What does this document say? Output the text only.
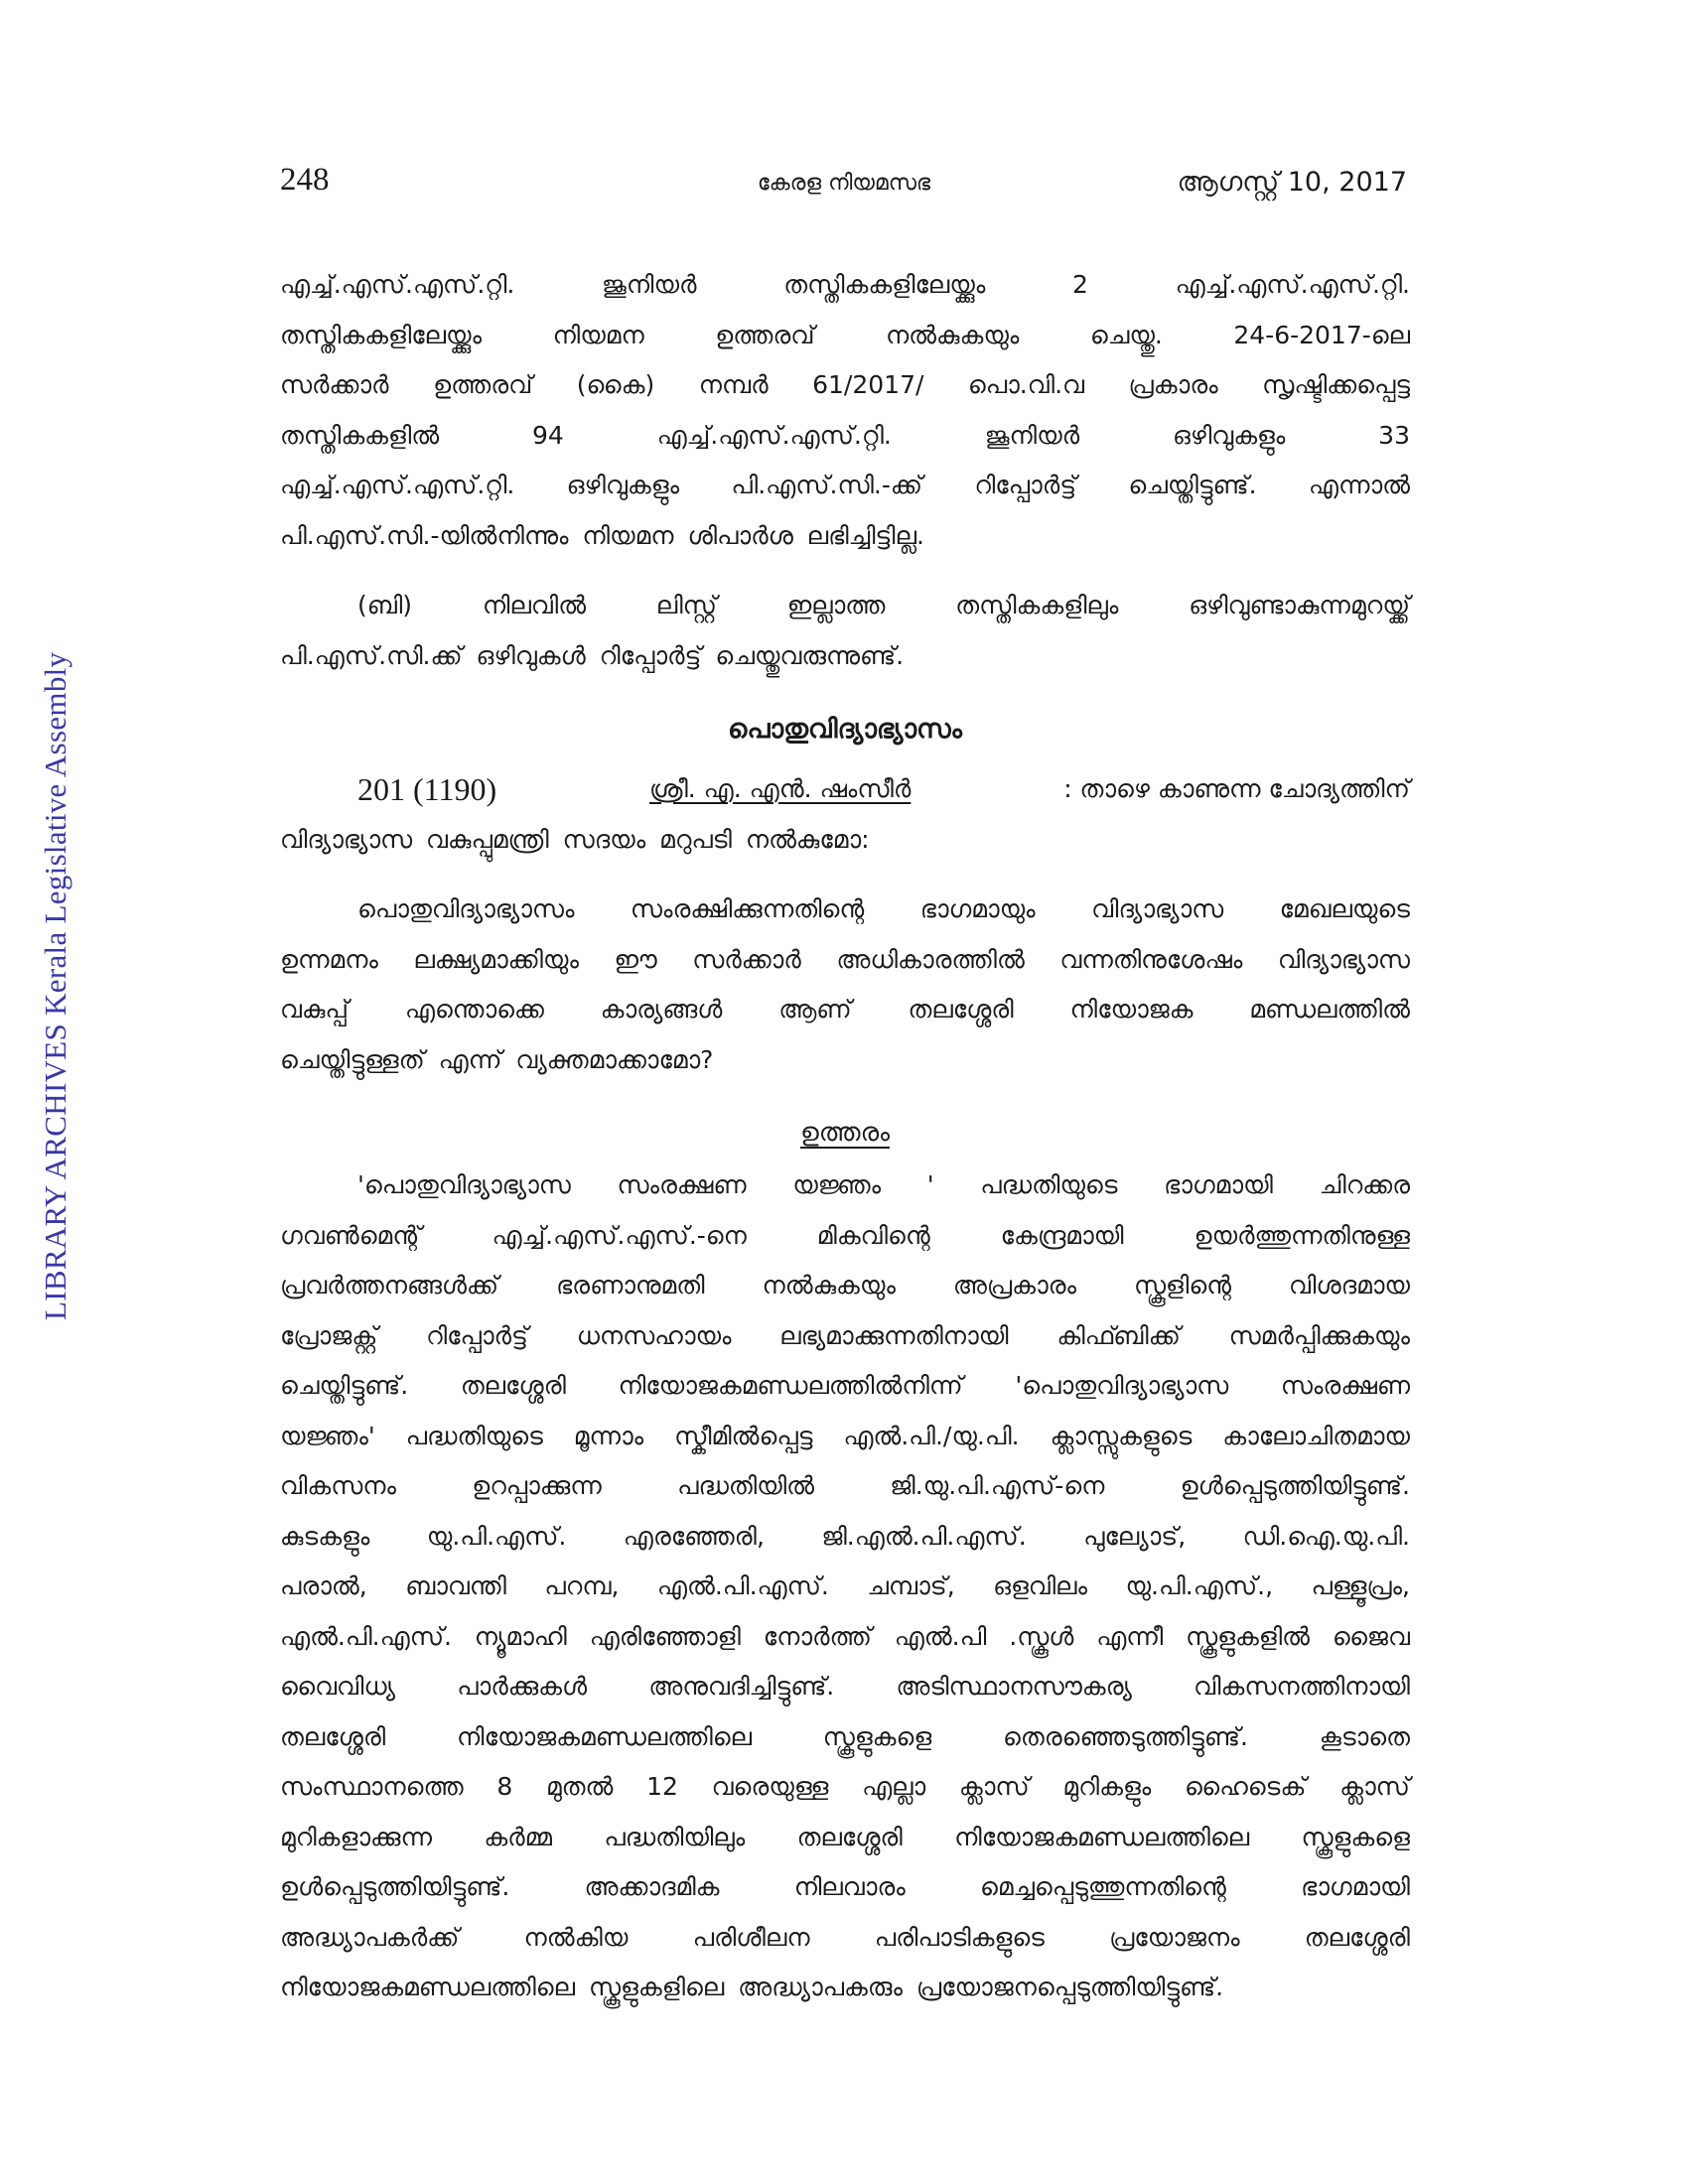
LIBRARY ARCHIVES Kerala Legislative Assembly
248	കേരള നിയമസഭ	ആഗസ്റ്റ് 10, 2017
എച്ച്.എസ്.എസ്.റ്റി.	ജൂനിയർ	തസ്തികകളിലേയ്ക്കും	2	എച്ച്.എസ്.എസ്.റ്റി.
തസ്തികകളിലേയ്ക്കും	നിയമന	ഉത്തരവ്	നൽകുകയും	ചെയ്തു.	24-6-2017-ലെ
സർക്കാർ ഉത്തരവ് (കൈ) നമ്പർ 61/2017/ പൊ.വി.വ പ്രകാരം സൃഷ്ടിക്കപ്പെട്ട
തസ്തികകളിൽ	94	എച്ച്.എസ്.എസ്.റ്റി.	ജൂനിയർ	ഒഴിവുകളും	33
എച്ച്.എസ്.എസ്.റ്റി. ഒഴിവുകളും പി.എസ്.സി.-ക്ക് റിപ്പോർട്ട് ചെയ്തിട്ടുണ്ട്. എന്നാൽ
പി.എസ്.സി.-യിൽനിന്നും നിയമന ശിപാർശ ലഭിച്ചിട്ടില്ല.
(ബി)	നിലവിൽ	ലിസ്റ്റ്	ഇല്ലാത്ത	തസ്തികകളിലും	ഒഴിവുണ്ടാകുന്നമുറയ്ക്ക്
പി.എസ്.സി.ക്ക് ഒഴിവുകൾ റിപ്പോർട്ട് ചെയ്തുവരുന്നുണ്ട്.
പൊതുവിദ്യാഭ്യാസം
201 (1190)	ശ്രീ. എ. എൻ. ഷംസീർ	: താഴെ കാണുന്ന ചോദ്യത്തിന്
വിദ്യാഭ്യാസ വകുപ്പുമന്ത്രി സദയം മറുപടി നൽകുമോ:
പൊതുവിദ്യാഭ്യാസം സംരക്ഷിക്കുന്നതിന്റെ ഭാഗമായും വിദ്യാഭ്യാസ മേഖലയുടെ
ഉന്നമനം ലക്ഷ്യമാക്കിയും ഈ സർക്കാർ അധികാരത്തിൽ വന്നതിനുശേഷം വിദ്യാഭ്യാസ
വകുപ്പ് എന്തൊക്കെ കാര്യങ്ങൾ ആണ് തലശ്ശേരി നിയോജക മണ്ഡലത്തിൽ
ചെയ്തിട്ടുള്ളത് എന്ന് വ്യക്തമാക്കാമോ?
ഉത്തരം
'പൊതുവിദ്യാഭ്യാസ സംരക്ഷണ യജ്ഞം ' പദ്ധതിയുടെ ഭാഗമായി ചിറക്കര
ഗവൺമെന്റ്	എച്ച്.എസ്.എസ്.-നെ	മികവിന്റെ	കേന്ദ്രമായി	ഉയർത്തുന്നതിനുള്ള
പ്രവർത്തനങ്ങൾക്ക് ഭരണാനുമതി നൽകുകയും അപ്രകാരം സ്കൂളിന്റെ വിശദമായ
പ്രോജക്റ്റ് റിപ്പോർട്ട് ധനസഹായം ലഭ്യമാക്കുന്നതിനായി കിഫ്ബിക്ക് സമർപ്പിക്കുകയും
ചെയ്തിട്ടുണ്ട്. തലശ്ശേരി നിയോജകമണ്ഡലത്തിൽനിന്ന് 'പൊതുവിദ്യാഭ്യാസ സംരക്ഷണ
യജ്ഞം' പദ്ധതിയുടെ മൂന്നാം സ്കീമിൽപ്പെട്ട എൽ.പി./യു.പി. ക്ലാസ്സുകളുടെ കാലോചിതമായ
വികസനം	ഉറപ്പാക്കുന്ന	പദ്ധതിയിൽ	ജി.യു.പി.എസ്-നെ	ഉൾപ്പെടുത്തിയിട്ടുണ്ട്.
കുടകളും യു.പി.എസ്. എരഞ്ഞേരി, ജി.എൽ.പി.എസ്. പുല്യോട്, ഡി.ഐ.യു.പി.
പരാൽ, ബാവന്തി പറമ്പ, എൽ.പി.എസ്. ചമ്പാട്, ഒളവിലം യു.പി.എസ്., പള്ളൂപ്രം,
എൽ.പി.എസ്. ന്യൂമാഹി എരിഞ്ഞോളി നോർത്ത് എൽ.പി .സ്കൂൾ എന്നീ സ്കൂളുകളിൽ ജൈവ
വൈവിധ്യ പാർക്കുകൾ അനുവദിച്ചിട്ടുണ്ട്. അടിസ്ഥാനസൗകര്യ വികസനത്തിനായി
തലശ്ശേരി	നിയോജകമണ്ഡലത്തിലെ	സ്കൂളുകളെ	തെരഞ്ഞെടുത്തിട്ടുണ്ട്.	കൂടാതെ
സംസ്ഥാനത്തെ 8 മുതൽ 12 വരെയുള്ള എല്ലാ ക്ലാസ് മുറികളും ഹൈടെക് ക്ലാസ്
മുറികളാക്കുന്ന കർമ്മ പദ്ധതിയിലും തലശ്ശേരി നിയോജകമണ്ഡലത്തിലെ സ്കൂളുകളെ
ഉൾപ്പെടുത്തിയിട്ടുണ്ട്.	അക്കാദമിക	നിലവാരം	മെച്ചപ്പെടുത്തുന്നതിന്റെ	ഭാഗമായി
അദ്ധ്യാപകർക്ക്	നൽകിയ	പരിശീലന	പരിപാടികളുടെ	പ്രയോജനം	തലശ്ശേരി
നിയോജകമണ്ഡലത്തിലെ സ്കൂളുകളിലെ അദ്ധ്യാപകരും പ്രയോജനപ്പെടുത്തിയിട്ടുണ്ട്.
